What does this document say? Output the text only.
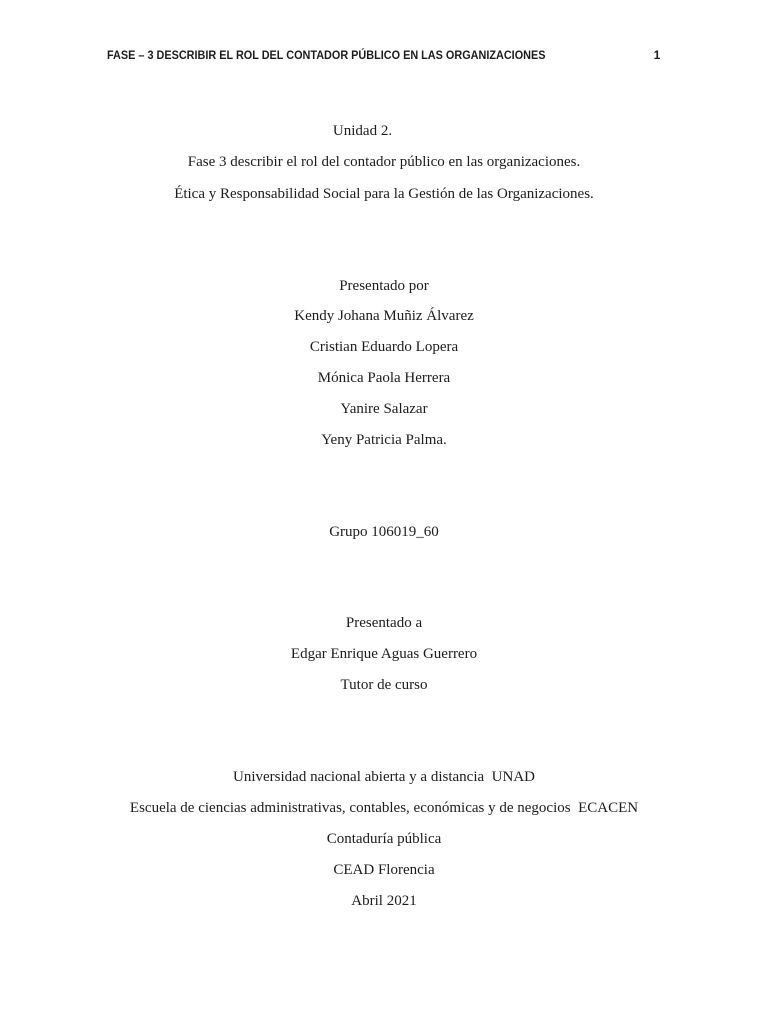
FASE – 3 DESCRIBIR EL ROL DEL CONTADOR PÚBLICO EN LAS ORGANIZACIONES	1
Unidad 2.
Fase 3 describir el rol del contador público en las organizaciones.
Ética y Responsabilidad Social para la Gestión de las Organizaciones.
Presentado por
Kendy Johana Muñiz Álvarez
Cristian Eduardo Lopera
Mónica Paola Herrera
Yanire Salazar
Yeny Patricia Palma.
Grupo 106019_60
Presentado a
Edgar Enrique Aguas Guerrero
Tutor de curso
Universidad nacional abierta y a distancia  UNAD
Escuela de ciencias administrativas, contables, económicas y de negocios  ECACEN
Contaduría pública
CEAD Florencia
Abril 2021
